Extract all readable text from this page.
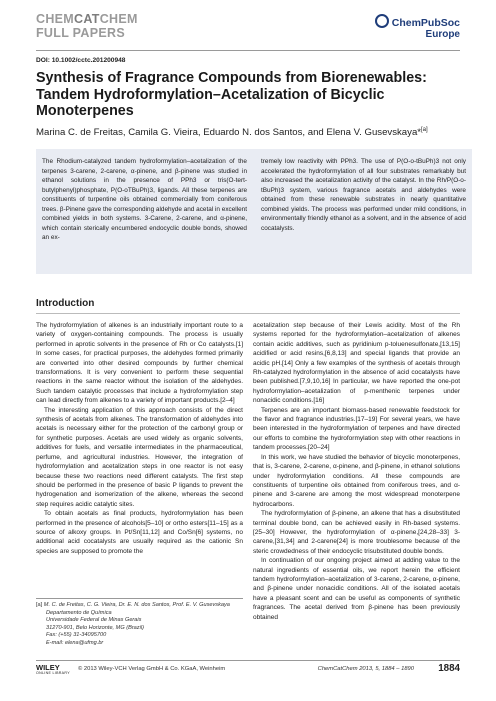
CHEMCATCHEM
FULL PAPERS
ChemPubSoc
Europe
DOI: 10.1002/cctc.201200948
Synthesis of Fragrance Compounds from Biorenewables: Tandem Hydroformylation–Acetalization of Bicyclic Monoterpenes
Marina C. de Freitas, Camila G. Vieira, Eduardo N. dos Santos, and Elena V. Gusevskaya*[a]
The Rhodium-catalyzed tandem hydroformylation–acetalization of the terpenes 3-carene, 2-carene, α-pinene, and β-pinene was studied in ethanol solutions in the presence of PPh3 or tris(O-tert-butylphenyl)phosphate, P(O-oTBuPh)3, ligands. All these terpenes are constituents of turpentine oils obtained commercially from coniferous trees. β-Pinene gave the corresponding aldehyde and acetal in excellent combined yields in both systems. 3-Carene, 2-carene, and α-pinene, which contain sterically encumbered endocyclic double bonds, showed an ex-
tremely low reactivity with PPh3. The use of P(O-o-tBuPh)3 not only accelerated the hydroformylation of all four substrates remarkably but also increased the acetalization activity of the catalyst. In the Rh/P(O-o-tBuPh)3 system, various fragrance acetals and aldehydes were obtained from these renewable substrates in nearly quantitative combined yields. The process was performed under mild conditions, in environmentally friendly ethanol as a solvent, and in the absence of acid cocatalysts.
Introduction

The hydroformylation of alkenes is an industrially important route to a variety of oxygen-containing compounds. The process is usually performed in aprotic solvents in the presence of Rh or Co catalysts.[1] In some cases, for practical purposes, the aldehydes formed primarily are converted into other desired compounds by further chemical transformations. It is very convenient to perform these sequential reactions in the same reactor without the isolation of the aldehydes. Such tandem catalytic processes that include a hydroformylation step can lead directly from alkenes to a variety of important products.[2–4]

The interesting application of this approach consists of the direct synthesis of acetals from alkenes. The transformation of aldehydes into acetals is necessary either for the protection of the carbonyl group or for synthetic purposes. Acetals are used widely as organic solvents, additives for fuels, and versatile intermediates in the pharmaceutical, perfume, and agricultural industries. However, the integration of hydroformylation and acetalization steps in one reactor is not easy because these two reactions need different catalysts. The first step should be performed in the presence of basic P ligands to prevent the hydrogenation and isomerization of the alkene, whereas the second step requires acidic catalytic sites.

To obtain acetals as final products, hydroformylation has been performed in the presence of alcohols[5–10] or ortho esters[11–15] as a source of alkoxy groups. In Pt/Sn[11,12] and Co/Sn[6] systems, no additional acid cocatalysts are usually required as the cationic Sn species are supposed to promote the

acetalization step because of their Lewis acidity. Most of the Rh systems reported for the hydroformylation–acetalization of alkenes contain acidic additives, such as pyridinium p-toluenesulfonate,[13,15] acidified or acid resins,[6,8,13] and special ligands that provide an acidic pH.[14] Only a few examples of the synthesis of acetals through Rh-catalyzed hydroformylation in the absence of acid cocatalysts have been published.[7,9,10,16] In particular, we have reported the one-pot hydroformylation–acetalization of p-menthenic terpenes under nonacidic conditions.[16]

Terpenes are an important biomass-based renewable feedstock for the flavor and fragrance industries.[17–19] For several years, we have been interested in the hydroformylation of terpenes and have directed our efforts to combine the hydroformylation step with other reactions in tandem processes.[20–24]

In this work, we have studied the behavior of bicyclic monoterpenes, that is, 3-carene, 2-carene, α-pinene, and β-pinene, in ethanol solutions under hydroformylation conditions. All these compounds are constituents of turpentine oils obtained from coniferous trees, and α-pinene and 3-carene are among the most widespread monoterpene hydrocarbons.

The hydroformylation of β-pinene, an alkene that has a disubstituted terminal double bond, can be achieved easily in Rh-based systems.[25–30] However, the hydroformylation of α-pinene,[24,28–33] 3-carene,[31,34] and 2-carene[24] is more troublesome because of the steric crowdedness of their endocyclic trisubstituted double bonds.

In continuation of our ongoing project aimed at adding value to the natural ingredients of essential oils, we report herein the efficient tandem hydroformylation–acetalization of 3-carene, 2-carene, α-pinene, and β-pinene under nonacidic conditions. All of the isolated acetals have a pleasant scent and can be useful as components of synthetic fragrances. The acetal derived from β-pinene has been previously obtained

[a] M. C. de Freitas, C. G. Vieira, Dr. E. N. dos Santos, Prof. E. V. Gusevskaya
Departamento de Química
Universidade Federal de Minas Gerais
31270-901, Belo Horizonte, MG (Brazil)
Fax: (+55) 31-34095700
E-mail: elena@ufmg.br
WILEY
ONLINE LIBRARY
© 2013 Wiley-VCH Verlag GmbH & Co. KGaA, Weinheim	ChemCatChem 2013, 5, 1884 – 1890 1884
